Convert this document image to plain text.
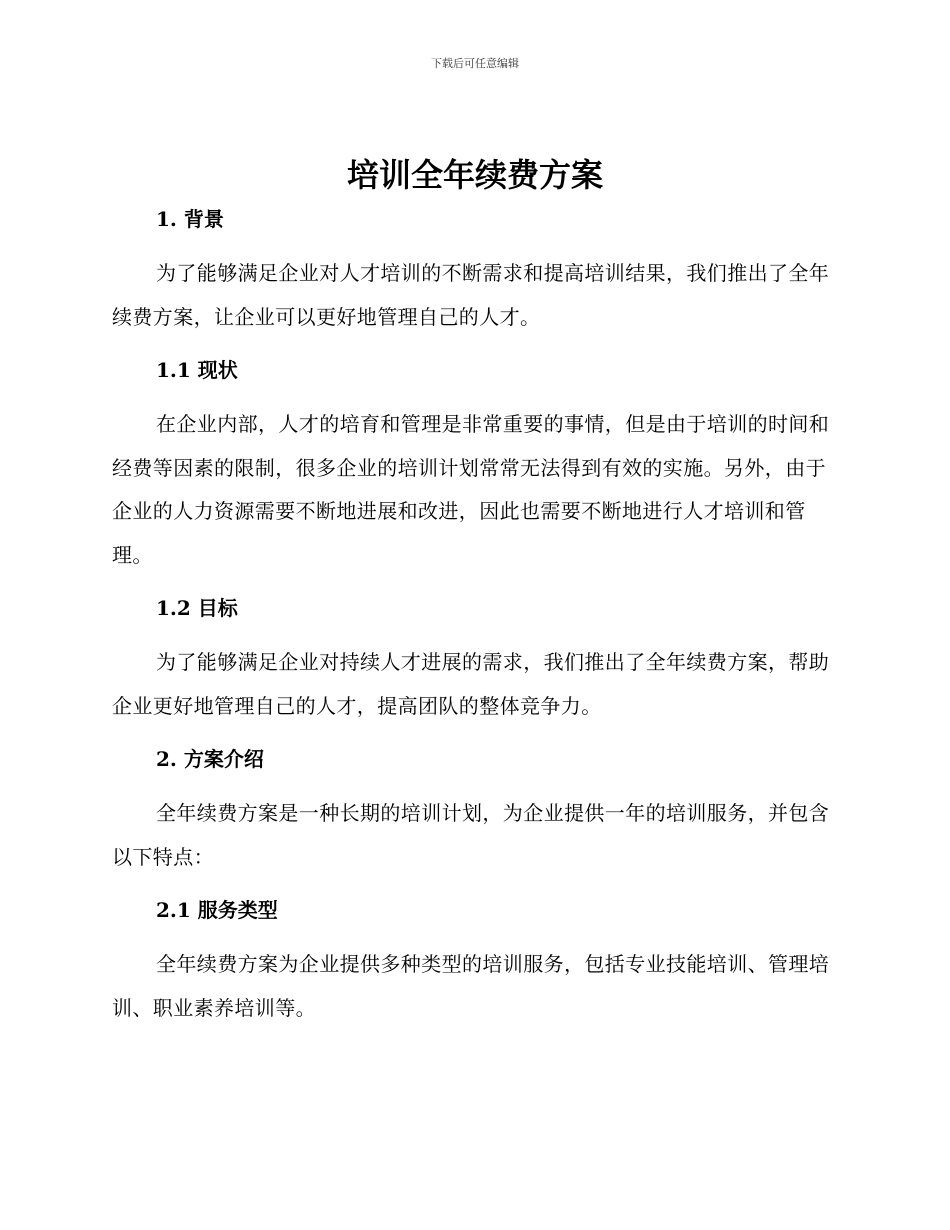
下载后可任意编辑
培训全年续费方案
1. 背景

为了能够满足企业对人才培训的不断需求和提高培训结果，我们推出了全年续费方案，让企业可以更好地管理自己的人才。

1.1 现状

在企业内部，人才的培育和管理是非常重要的事情，但是由于培训的时间和经费等因素的限制，很多企业的培训计划常常无法得到有效的实施。另外，由于企业的人力资源需要不断地进展和改进，因此也需要不断地进行人才培训和管理。

1.2 目标

为了能够满足企业对持续人才进展的需求，我们推出了全年续费方案，帮助企业更好地管理自己的人才，提高团队的整体竞争力。

2. 方案介绍

全年续费方案是一种长期的培训计划，为企业提供一年的培训服务，并包含以下特点：

2.1 服务类型

全年续费方案为企业提供多种类型的培训服务，包括专业技能培训、管理培训、职业素养培训等。
